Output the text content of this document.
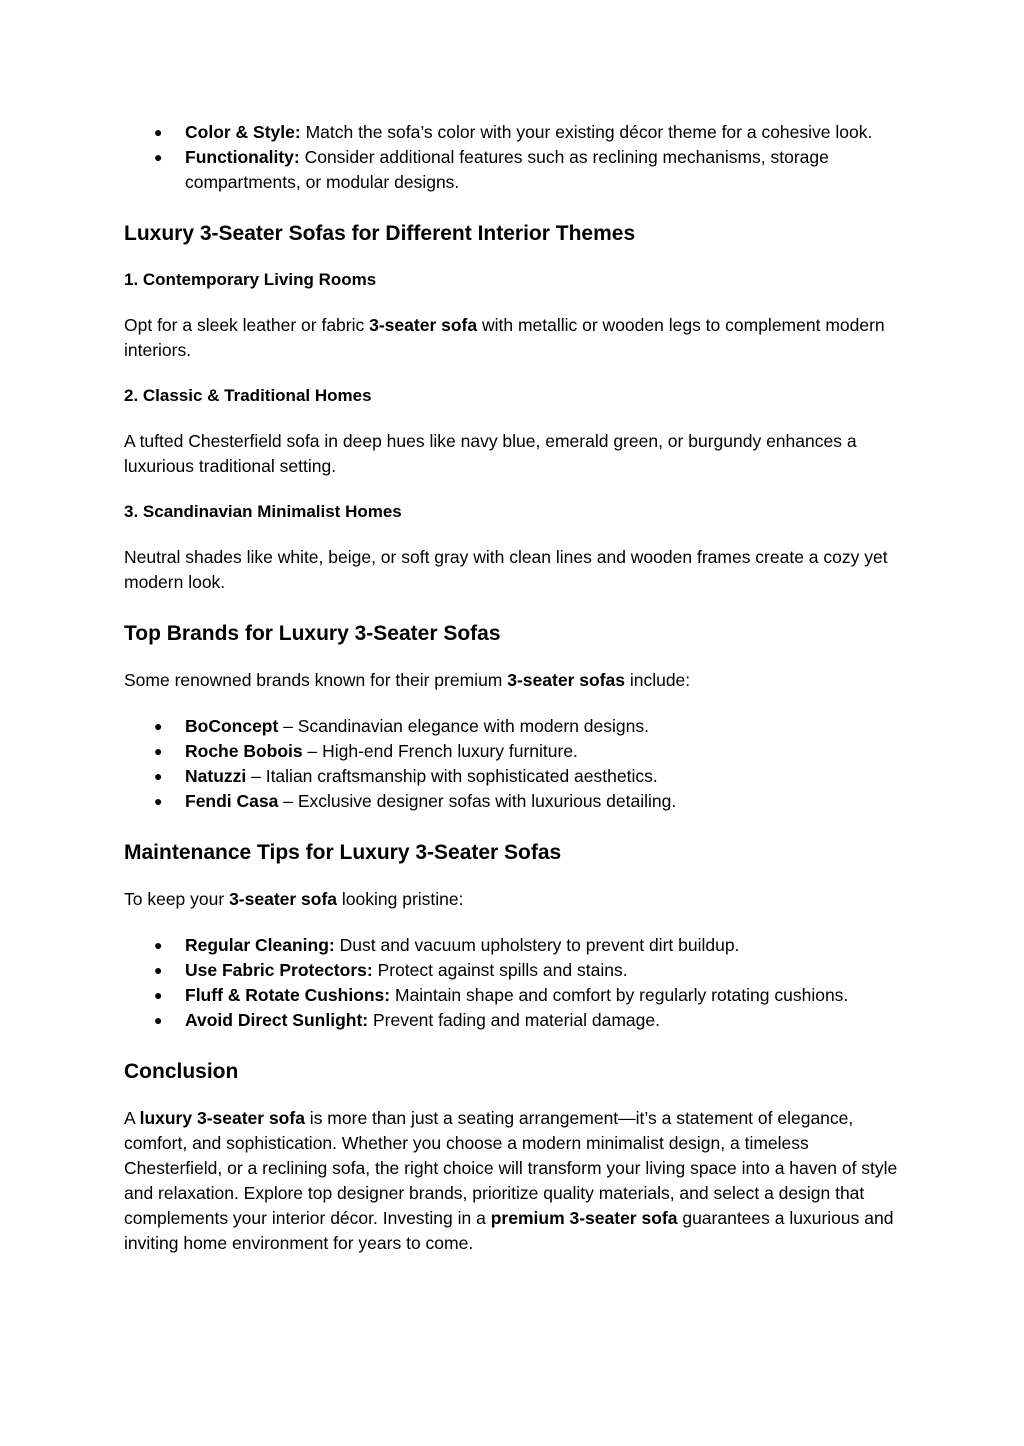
● Color & Style: Match the sofa’s color with your existing décor theme for a cohesive look.
● Functionality: Consider additional features such as reclining mechanisms, storage compartments, or modular designs.
Luxury 3-Seater Sofas for Different Interior Themes
1. Contemporary Living Rooms

Opt for a sleek leather or fabric 3-seater sofa with metallic or wooden legs to complement modern interiors.

2. Classic & Traditional Homes

A tufted Chesterfield sofa in deep hues like navy blue, emerald green, or burgundy enhances a luxurious traditional setting.

3. Scandinavian Minimalist Homes

Neutral shades like white, beige, or soft gray with clean lines and wooden frames create a cozy yet modern look.

Top Brands for Luxury 3-Seater Sofas

Some renowned brands known for their premium 3-seater sofas include:

● BoConcept – Scandinavian elegance with modern designs.
● Roche Bobois – High-end French luxury furniture.
● Natuzzi – Italian craftsmanship with sophisticated aesthetics.
● Fendi Casa – Exclusive designer sofas with luxurious detailing.
Maintenance Tips for Luxury 3-Seater Sofas

To keep your 3-seater sofa looking pristine:

● Regular Cleaning: Dust and vacuum upholstery to prevent dirt buildup.
● Use Fabric Protectors: Protect against spills and stains.
● Fluff & Rotate Cushions: Maintain shape and comfort by regularly rotating cushions.
● Avoid Direct Sunlight: Prevent fading and material damage.
Conclusion

A luxury 3-seater sofa is more than just a seating arrangement—it’s a statement of elegance, comfort, and sophistication. Whether you choose a modern minimalist design, a timeless Chesterfield, or a reclining sofa, the right choice will transform your living space into a haven of style and relaxation. Explore top designer brands, prioritize quality materials, and select a design that complements your interior décor. Investing in a premium 3-seater sofa guarantees a luxurious and inviting home environment for years to come.
